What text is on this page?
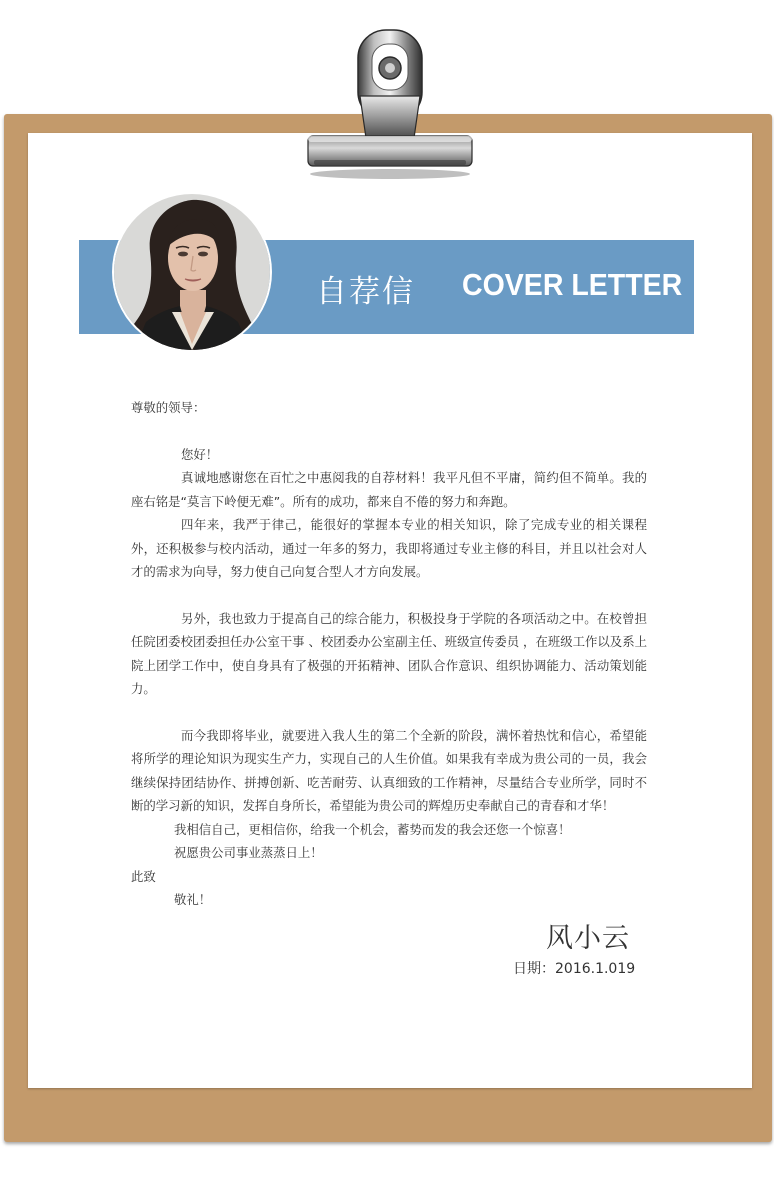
自荐信 COVER LETTER

尊敬的领导：

您好！

真诚地感谢您在百忙之中惠阅我的自荐材料！我平凡但不平庸，简约但不简单。我的座右铭是“莫言下岭便无难”。所有的成功，都来自不倦的努力和奔跑。

四年来，我严于律己，能很好的掌握本专业的相关知识，除了完成专业的相关课程外，还积极参与校内活动，通过一年多的努力，我即将通过专业主修的科目，并且以社会对人才的需求为向导，努力使自己向复合型人才方向发展。

另外，我也致力于提高自己的综合能力，积极投身于学院的各项活动之中。在校曾担任院团委校团委担任办公室干事 、校团委办公室副主任、班级宣传委员 ，在班级工作以及系上院上团学工作中，使自身具有了极强的开拓精神、团队合作意识、组织协调能力、活动策划能力。

而今我即将毕业，就要进入我人生的第二个全新的阶段，满怀着热忱和信心，希望能将所学的理论知识为现实生产力，实现自己的人生价值。如果我有幸成为贵公司的一员，我会继续保持团结协作、拼搏创新、吃苦耐劳、认真细致的工作精神，尽量结合专业所学，同时不断的学习新的知识，发挥自身所长，希望能为贵公司的辉煌历史奉献自己的青春和才华！

我相信自己，更相信你，给我一个机会，蓄势而发的我会还您一个惊喜！

祝愿贵公司事业蒸蒸日上！

此致

敬礼！

风小云
日期：2016.1.019
